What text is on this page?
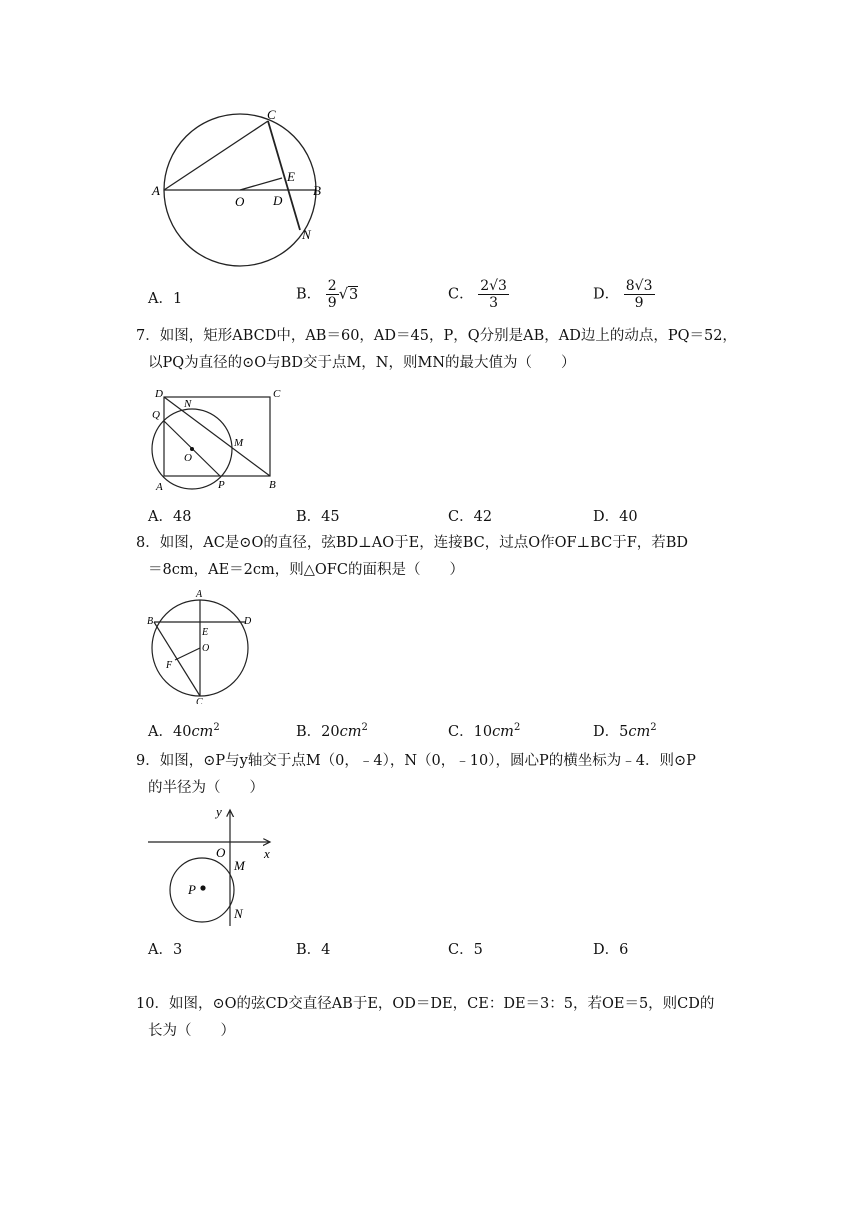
A
O
E
D
B
C
N
A．1	B． $\frac{2}{9} √3$	C． $\frac{2√3}{3}$	D． $\frac{8√3}{9}$
7．如图，矩形ABCD中，AB＝60，AD＝45，P，Q分别是AB，AD边上的动点，PQ＝52，
以PQ为直径的⊙O与BD交于点M，N，则MN的最大值为（　　）
D	C
N
Q
M
O
A	P	B
A．48	B．45	C．42	D．40
8．如图，AC是⊙O的直径，弦BD⊥AO于E，连接BC，过点O作OF⊥BC于F，若BD
＝8cm，AE＝2cm，则△OFC的面积是（　　）
A
B	D
E
O
F
C
A．$40cm^2$	B．$20cm^2$	C．$10cm^2$	D．$5cm^2$
9．如图，⊙P与y轴交于点M（0，﹣4），N（0，﹣10），圆心P的横坐标为﹣4．则⊙P
的半径为（　　）
y
x
O
M
P
N
A．3	B．4	C．5	D．6
10．如图，⊙O的弦CD交直径AB于E，OD＝DE，CE：DE＝3：5，若OE＝5，则CD的
长为（　　）
